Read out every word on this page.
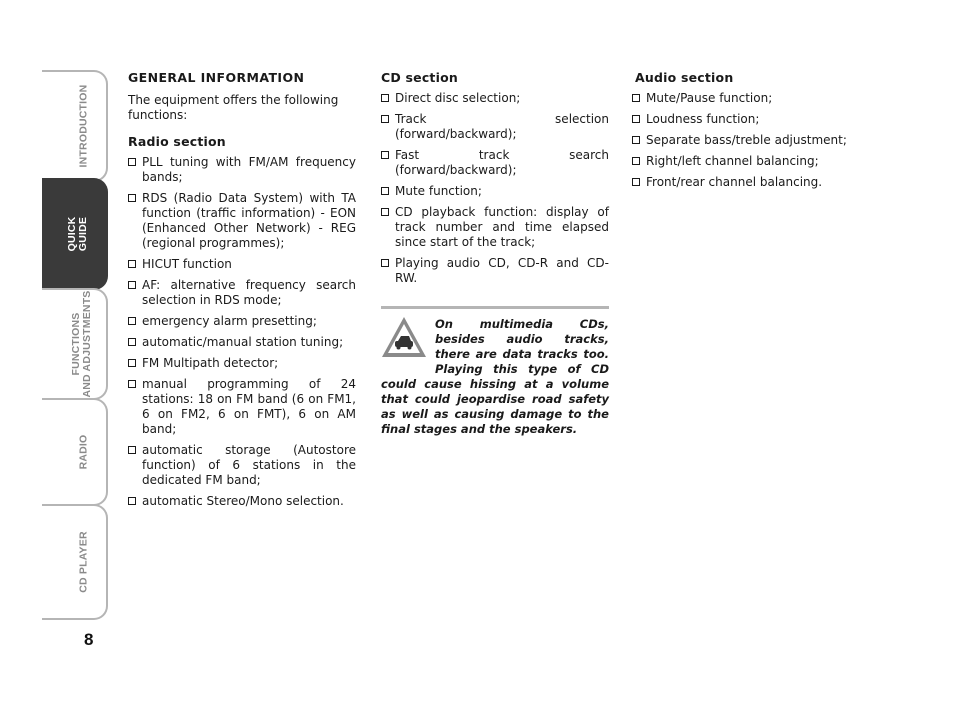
INTRODUCTION
QUICK
GUIDE
FUNCTIONS
AND ADJUSTMENTS
RADIO
CD PLAYER
8
GENERAL INFORMATION

The equipment offers the following functions:

Radio section
PLL tuning with FM/AM frequency bands;
RDS (Radio Data System) with TA function (traffic information) - EON (Enhanced Other Network) - REG (regional programmes);
HICUT function
AF: alternative frequency search selection in RDS mode;
emergency alarm presetting;
automatic/manual station tuning;
FM Multipath detector;
manual programming of 24 stations: 18 on FM band (6 on FM1, 6 on FM2, 6 on FMT), 6 on AM band;
automatic storage (Autostore function) of 6 stations in the dedicated FM band;
automatic Stereo/Mono selection.
CD section
Direct disc selection;
Track selection (forward/backward);
Fast track search (forward/backward);
Mute function;
CD playback function: display of track number and time elapsed since start of the track;
Playing audio CD, CD-R and CD-RW.

On multimedia CDs, besides audio tracks, there are data tracks too. Playing this type of CD could cause hissing at a volume that could jeopardise road safety as well as causing damage to the final stages and the speakers.

Audio section
Mute/Pause function;
Loudness function;
Separate bass/treble adjustment;
Right/left channel balancing;
Front/rear channel balancing.
